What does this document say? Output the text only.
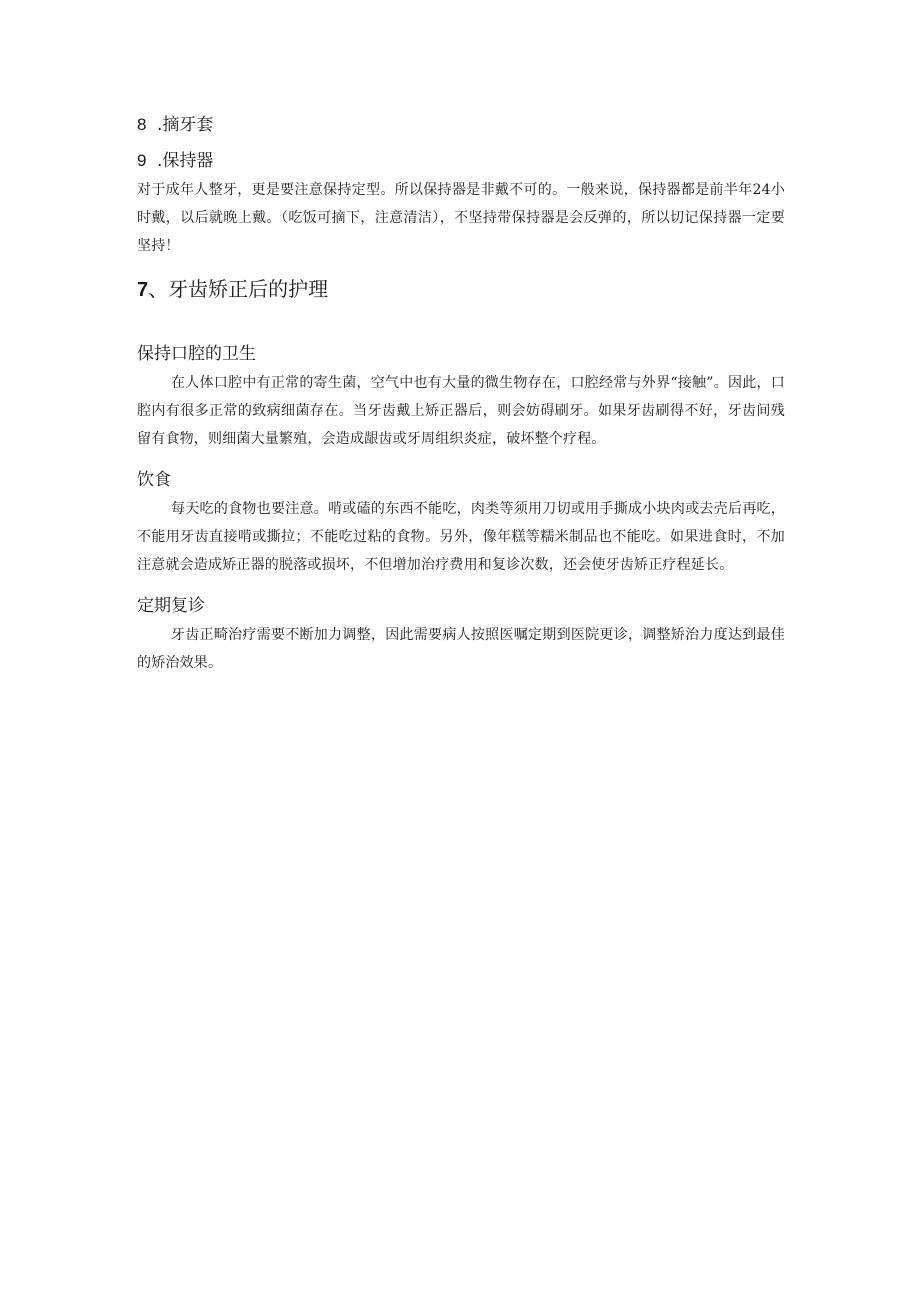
8 .摘牙套
9 .保持器

对于成年人整牙，更是要注意保持定型。所以保持器是非戴不可的。一般来说，保持器都是前半年24小时戴，以后就晚上戴。（吃饭可摘下，注意清洁），不坚持带保持器是会反弹的，所以切记保持器一定要坚持！

7、牙齿矫正后的护理
保持口腔的卫生

在人体口腔中有正常的寄生菌，空气中也有大量的微生物存在，口腔经常与外界“接触”。因此，口腔内有很多正常的致病细菌存在。当牙齿戴上矫正器后，则会妨碍刷牙。如果牙齿刷得不好，牙齿间残留有食物，则细菌大量繁殖，会造成龈齿或牙周组织炎症，破坏整个疗程。

饮食

每天吃的食物也要注意。啃或磕的东西不能吃，肉类等须用刀切或用手撕成小块肉或去壳后再吃，不能用牙齿直接啃或撕拉；不能吃过粘的食物。另外，像年糕等糯米制品也不能吃。如果进食时，不加注意就会造成矫正器的脱落或损坏，不但增加治疗费用和复诊次数，还会使牙齿矫正疗程延长。

定期复诊

牙齿正畸治疗需要不断加力调整，因此需要病人按照医嘱定期到医院更诊，调整矫治力度达到最佳的矫治效果。
